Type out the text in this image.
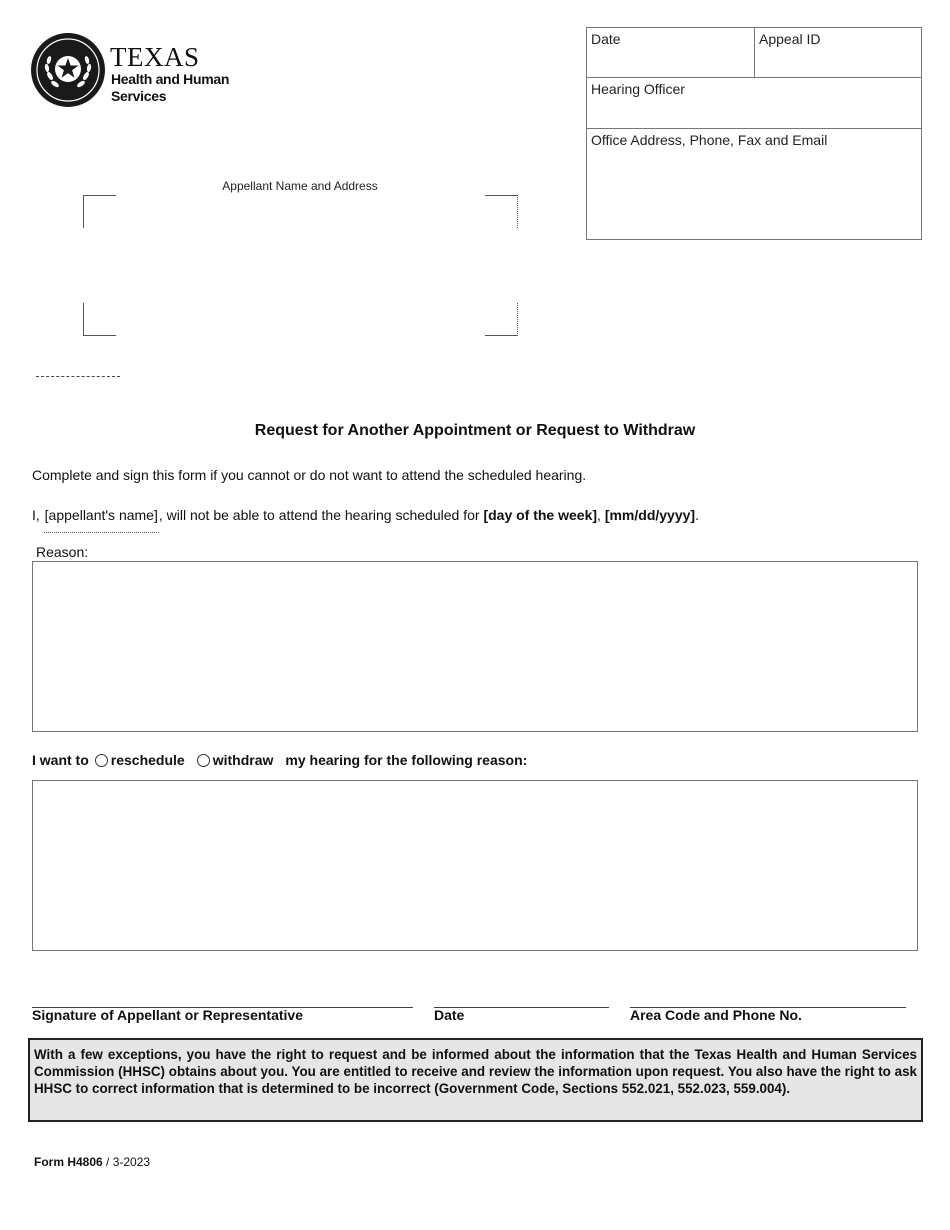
TEXAS
Health and Human
Services
Date	Appeal ID
Hearing Officer
Office Address, Phone, Fax and Email
Appellant Name and Address
Request for Another Appointment or Request to Withdraw
Complete and sign this form if you cannot or do not want to attend the scheduled hearing.
I, [appellant's name], will not be able to attend the hearing scheduled for [day of the week], [mm/dd/yyyy].
Reason:
I want to reschedule withdraw my hearing for the following reason:
Signature of Appellant or Representative	Date	Area Code and Phone No.
With a few exceptions, you have the right to request and be informed about the information that the Texas Health and Human Services Commission (HHSC) obtains about you. You are entitled to receive and review the information upon request. You also have the right to ask HHSC to correct information that is determined to be incorrect (Government Code, Sections 552.021, 552.023, 559.004).
Form H4806 / 3-2023
